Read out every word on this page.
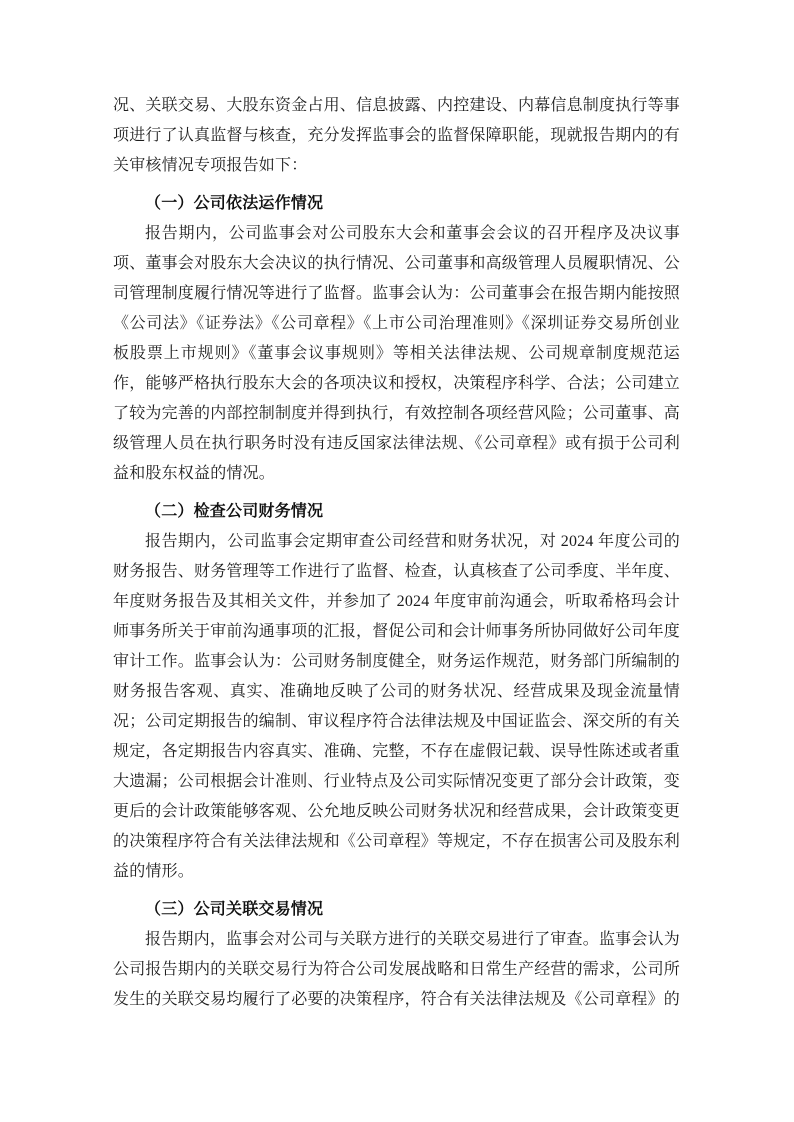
况、关联交易、大股东资金占用、信息披露、内控建设、内幕信息制度执行等事项进行了认真监督与核查，充分发挥监事会的监督保障职能，现就报告期内的有关审核情况专项报告如下：

（一）公司依法运作情况

报告期内，公司监事会对公司股东大会和董事会会议的召开程序及决议事项、董事会对股东大会决议的执行情况、公司董事和高级管理人员履职情况、公司管理制度履行情况等进行了监督。监事会认为：公司董事会在报告期内能按照《公司法》《证券法》《公司章程》《上市公司治理准则》《深圳证券交易所创业板股票上市规则》《董事会议事规则》等相关法律法规、公司规章制度规范运作，能够严格执行股东大会的各项决议和授权，决策程序科学、合法；公司建立了较为完善的内部控制制度并得到执行，有效控制各项经营风险；公司董事、高级管理人员在执行职务时没有违反国家法律法规、《公司章程》或有损于公司利益和股东权益的情况。

（二）检查公司财务情况

报告期内，公司监事会定期审查公司经营和财务状况，对 2024 年度公司的财务报告、财务管理等工作进行了监督、检查，认真核查了公司季度、半年度、年度财务报告及其相关文件，并参加了 2024 年度审前沟通会，听取希格玛会计师事务所关于审前沟通事项的汇报，督促公司和会计师事务所协同做好公司年度审计工作。监事会认为：公司财务制度健全，财务运作规范，财务部门所编制的财务报告客观、真实、准确地反映了公司的财务状况、经营成果及现金流量情况；公司定期报告的编制、审议程序符合法律法规及中国证监会、深交所的有关规定，各定期报告内容真实、准确、完整，不存在虚假记载、误导性陈述或者重大遗漏；公司根据会计准则、行业特点及公司实际情况变更了部分会计政策，变更后的会计政策能够客观、公允地反映公司财务状况和经营成果，会计政策变更的决策程序符合有关法律法规和《公司章程》等规定，不存在损害公司及股东利益的情形。

（三）公司关联交易情况

报告期内，监事会对公司与关联方进行的关联交易进行了审查。监事会认为公司报告期内的关联交易行为符合公司发展战略和日常生产经营的需求，公司所发生的关联交易均履行了必要的决策程序，符合有关法律法规及《公司章程》的
